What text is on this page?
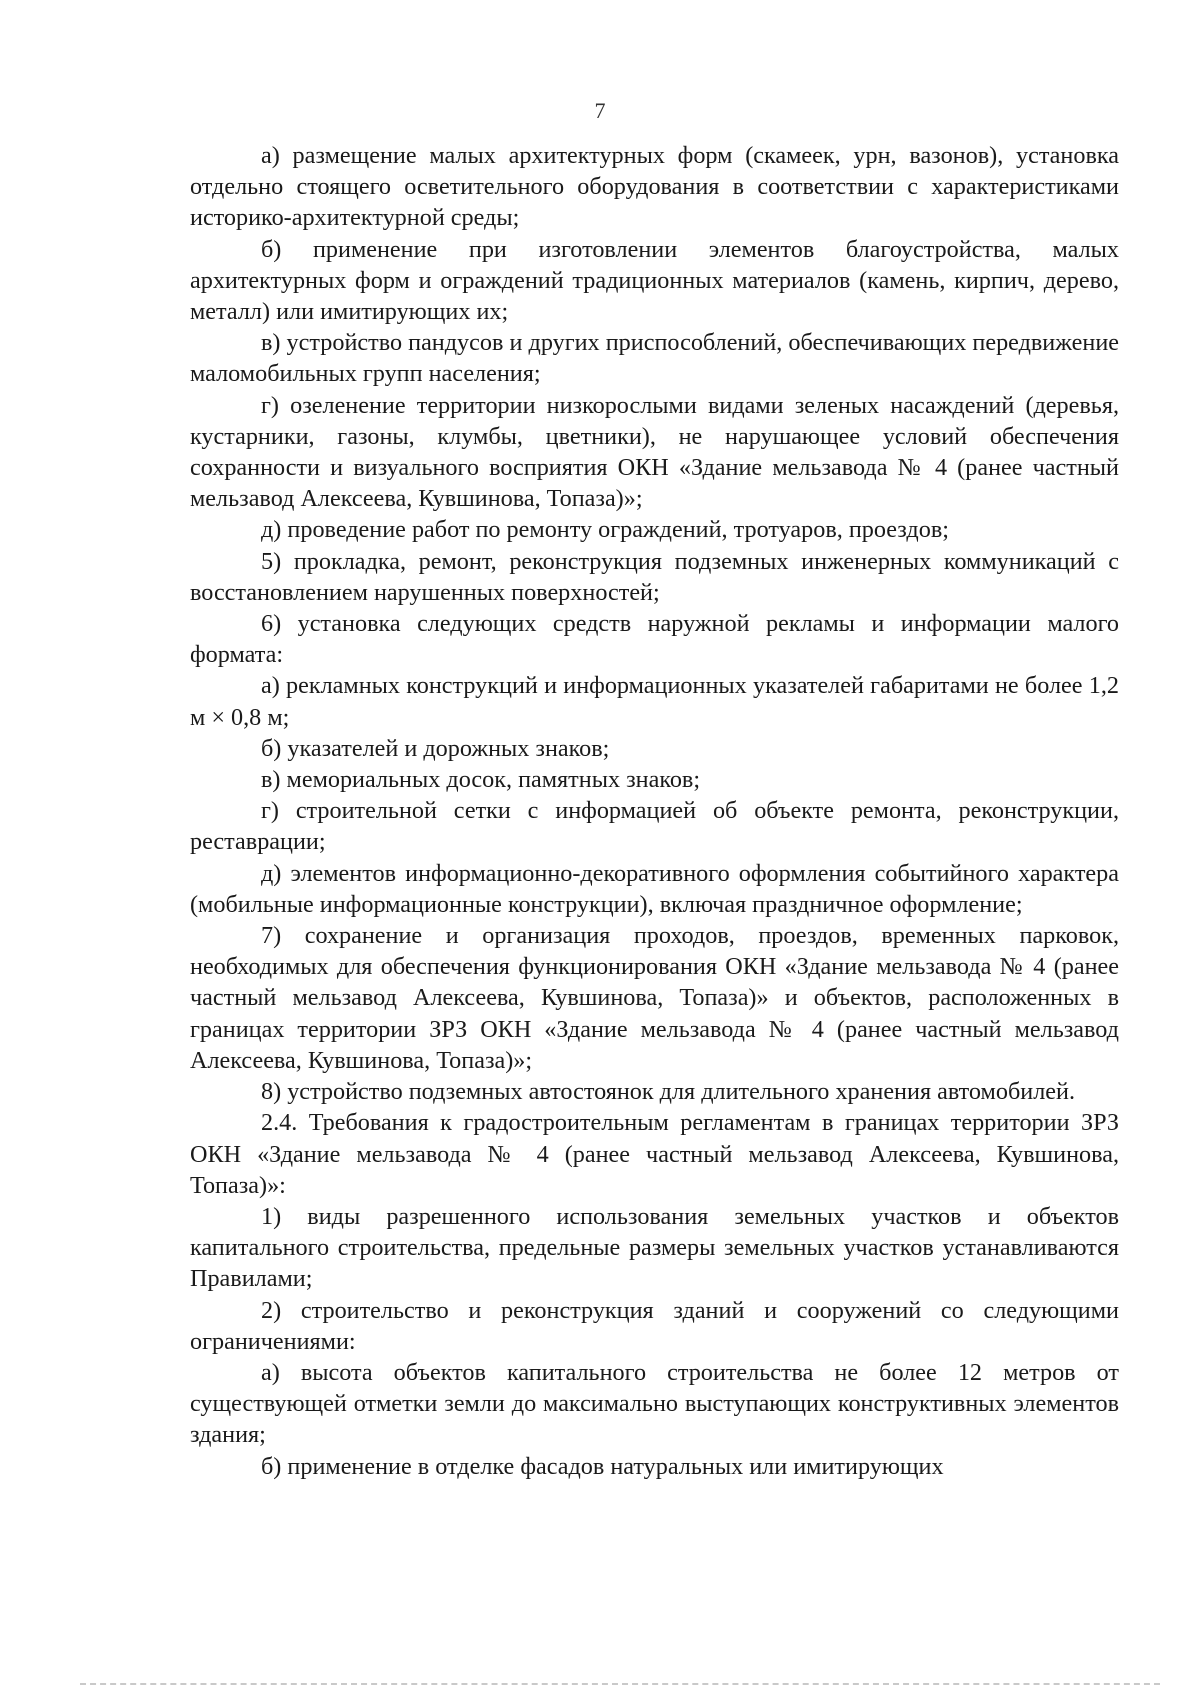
7

а) размещение малых архитектурных форм (скамеек, урн, вазонов), установка отдельно стоящего осветительного оборудования в соответствии с характеристиками историко-архитектурной среды;

б) применение при изготовлении элементов благоустройства, малых архитектурных форм и ограждений традиционных материалов (камень, кирпич, дерево, металл) или имитирующих их;

в) устройство пандусов и других приспособлений, обеспечивающих передвижение маломобильных групп населения;

г) озеленение территории низкорослыми видами зеленых насаждений (деревья, кустарники, газоны, клумбы, цветники), не нарушающее условий обеспечения сохранности и визуального восприятия ОКН «Здание мельзавода № 4 (ранее частный мельзавод Алексеева, Кувшинова, Топаза)»;

д) проведение работ по ремонту ограждений, тротуаров, проездов;

5) прокладка, ремонт, реконструкция подземных инженерных коммуникаций с восстановлением нарушенных поверхностей;

6) установка следующих средств наружной рекламы и информации малого формата:

а) рекламных конструкций и информационных указателей габаритами не более 1,2 м × 0,8 м;

б) указателей и дорожных знаков;

в) мемориальных досок, памятных знаков;

г) строительной сетки с информацией об объекте ремонта, реконструкции, реставрации;

д) элементов информационно-декоративного оформления событийного характера (мобильные информационные конструкции), включая праздничное оформление;

7) сохранение и организация проходов, проездов, временных парковок, необходимых для обеспечения функционирования ОКН «Здание мельзавода № 4 (ранее частный мельзавод Алексеева, Кувшинова, Топаза)» и объектов, расположенных в границах территории ЗРЗ ОКН «Здание мельзавода № 4 (ранее частный мельзавод Алексеева, Кувшинова, Топаза)»;

8) устройство подземных автостоянок для длительного хранения автомобилей.

2.4. Требования к градостроительным регламентам в границах территории ЗРЗ ОКН «Здание мельзавода № 4 (ранее частный мельзавод Алексеева, Кувшинова, Топаза)»:

1) виды разрешенного использования земельных участков и объектов капитального строительства, предельные размеры земельных участков устанавливаются Правилами;

2) строительство и реконструкция зданий и сооружений со следующими ограничениями:

а) высота объектов капитального строительства не более 12 метров от существующей отметки земли до максимально выступающих конструктивных элементов здания;

б) применение в отделке фасадов натуральных или имитирующих
